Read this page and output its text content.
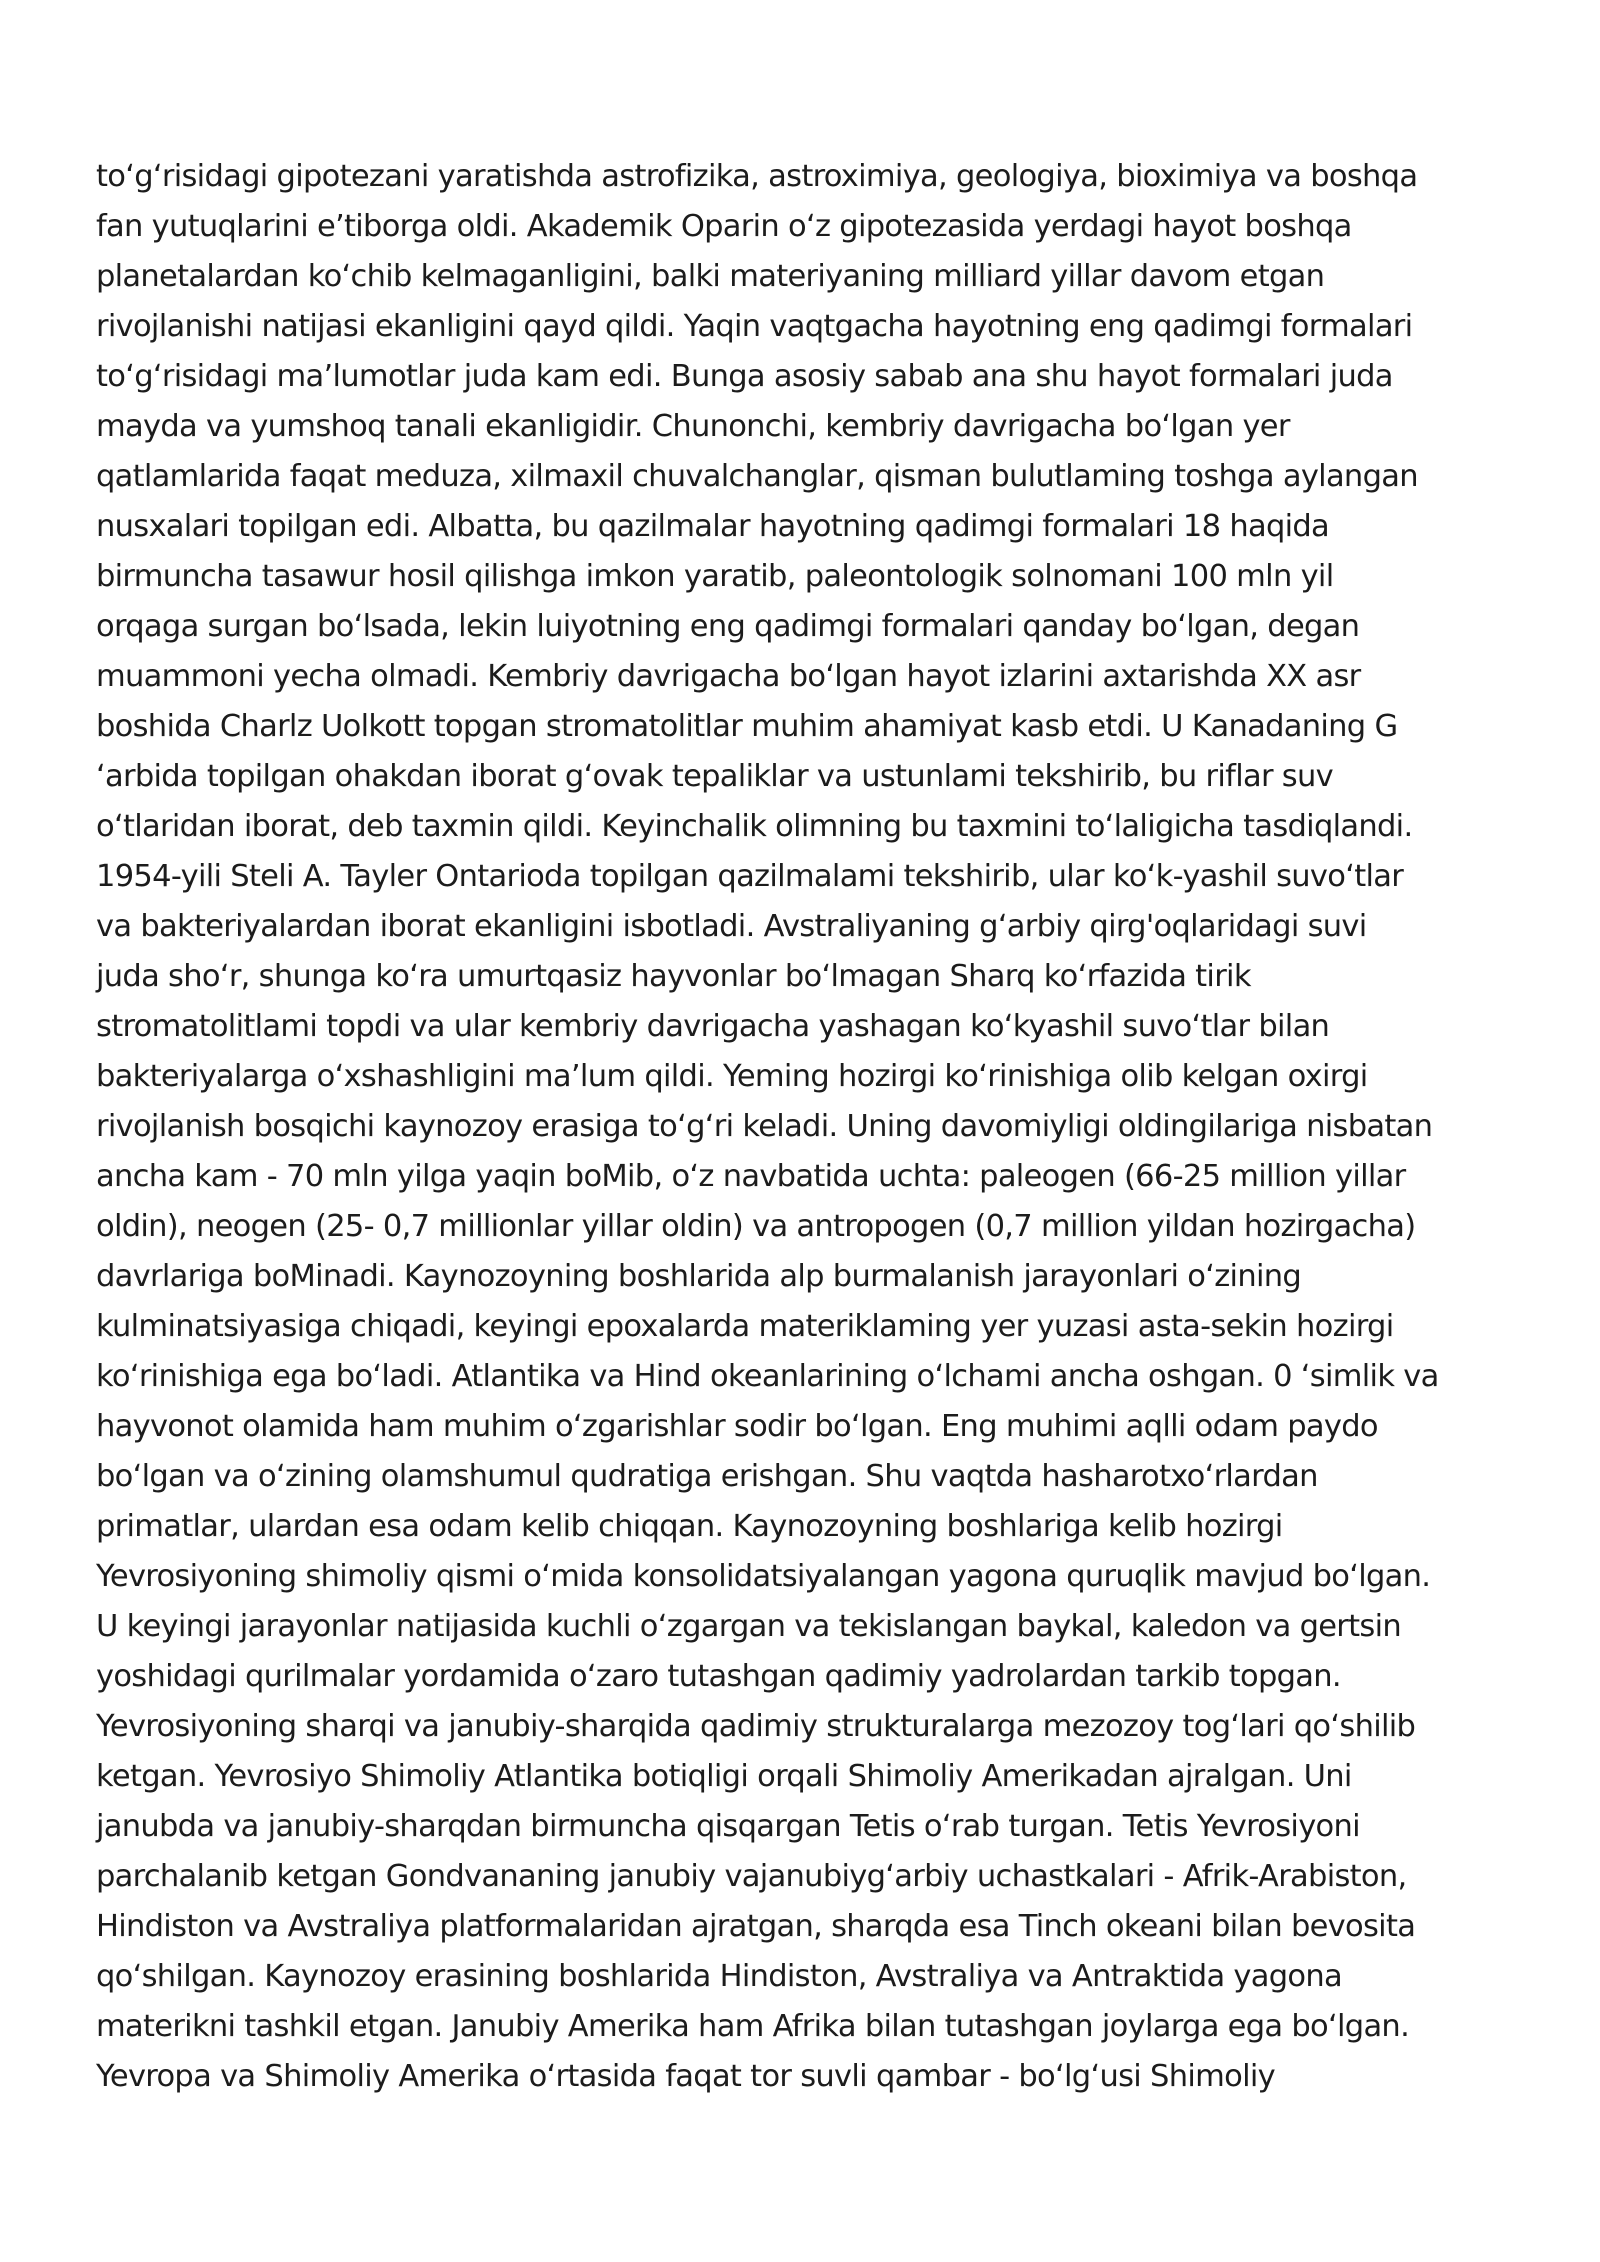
toʻgʻrisidagi gipotezani yaratishda astrofizika, astroximiya, geologiya, bioximiya va boshqa
fan yutuqlarini eʼtiborga oldi. Akademik Oparin oʻz gipotezasida yerdagi hayot boshqa
planetalardan koʻchib kelmaganligini, balki materiyaning milliard yillar davom etgan
rivojlanishi natijasi ekanligini qayd qildi. Yaqin vaqtgacha hayotning eng qadimgi formalari
toʻgʻrisidagi maʼlumotlar juda kam edi. Bunga asosiy sabab ana shu hayot formalari juda
mayda va yumshoq tanali ekanligidir. Chunonchi, kembriy davrigacha boʻlgan yer
qatlamlarida faqat meduza, xilmaxil chuvalchanglar, qisman bulutlaming toshga aylangan
nusxalari topilgan edi. Albatta, bu qazilmalar hayotning qadimgi formalari 18 haqida
birmuncha tasawur hosil qilishga imkon yaratib, paleontologik solnomani 100 mln yil
orqaga surgan boʻlsada, lekin luiyotning eng qadimgi formalari qanday boʻlgan, degan
muammoni yecha olmadi. Kembriy davrigacha boʻlgan hayot izlarini axtarishda XX asr
boshida Charlz Uolkott topgan stromatolitlar muhim ahamiyat kasb etdi. U Kanadaning G
ʻarbida topilgan ohakdan iborat gʻovak tepaliklar va ustunlami tekshirib, bu riflar suv
oʻtlaridan iborat, deb taxmin qildi. Keyinchalik olimning bu taxmini toʻlaligicha tasdiqlandi.
1954-yili Steli A. Tayler Ontarioda topilgan qazilmalami tekshirib, ular koʻk-yashil suvoʻtlar
va bakteriyalardan iborat ekanligini isbotladi. Avstraliyaning gʻarbiy qirg'oqlaridagi suvi
juda shoʻr, shunga koʻra umurtqasiz hayvonlar boʻlmagan Sharq koʻrfazida tirik
stromatolitlami topdi va ular kembriy davrigacha yashagan koʻkyashil suvoʻtlar bilan
bakteriyalarga oʻxshashligini maʼlum qildi. Yeming hozirgi koʻrinishiga olib kelgan oxirgi
rivojlanish bosqichi kaynozoy erasiga toʻgʻri keladi. Uning davomiyligi oldingilariga nisbatan
ancha kam - 70 mln yilga yaqin boMib, oʻz navbatida uchta: paleogen (66-25 million yillar
oldin), neogen (25- 0,7 millionlar yillar oldin) va antropogen (0,7 million yildan hozirgacha)
davrlariga boMinadi. Kaynozoyning boshlarida alp burmalanish jarayonlari oʻzining
kulminatsiyasiga chiqadi, keyingi epoxalarda materiklaming yer yuzasi asta-sekin hozirgi
koʻrinishiga ega boʻladi. Atlantika va Hind okeanlarining oʻlchami ancha oshgan. 0 ʻsimlik va
hayvonot olamida ham muhim oʻzgarishlar sodir boʻlgan. Eng muhimi aqlli odam paydo
boʻlgan va oʻzining olamshumul qudratiga erishgan. Shu vaqtda hasharotxoʻrlardan
primatlar, ulardan esa odam kelib chiqqan. Kaynozoyning boshlariga kelib hozirgi
Yevrosiyoning shimoliy qismi oʻmida konsolidatsiyalangan yagona quruqlik mavjud boʻlgan.
U keyingi jarayonlar natijasida kuchli oʻzgargan va tekislangan baykal, kaledon va gertsin
yoshidagi qurilmalar yordamida oʻzaro tutashgan qadimiy yadrolardan tarkib topgan.
Yevrosiyoning sharqi va janubiy-sharqida qadimiy strukturalarga mezozoy togʻlari qoʻshilib
ketgan. Yevrosiyo Shimoliy Atlantika botiqligi orqali Shimoliy Amerikadan ajralgan. Uni
janubda va janubiy-sharqdan birmuncha qisqargan Tetis oʻrab turgan. Tetis Yevrosiyoni
parchalanib ketgan Gondvananing janubiy vajanubiygʻarbiy uchastkalari - Afrik-Arabiston,
Hindiston va Avstraliya platformalaridan ajratgan, sharqda esa Tinch okeani bilan bevosita
qoʻshilgan. Kaynozoy erasining boshlarida Hindiston, Avstraliya va Antraktida yagona
materikni tashkil etgan. Janubiy Amerika ham Afrika bilan tutashgan joylarga ega boʻlgan.
Yevropa va Shimoliy Amerika oʻrtasida faqat tor suvli qambar - boʻlgʻusi Shimoliy
